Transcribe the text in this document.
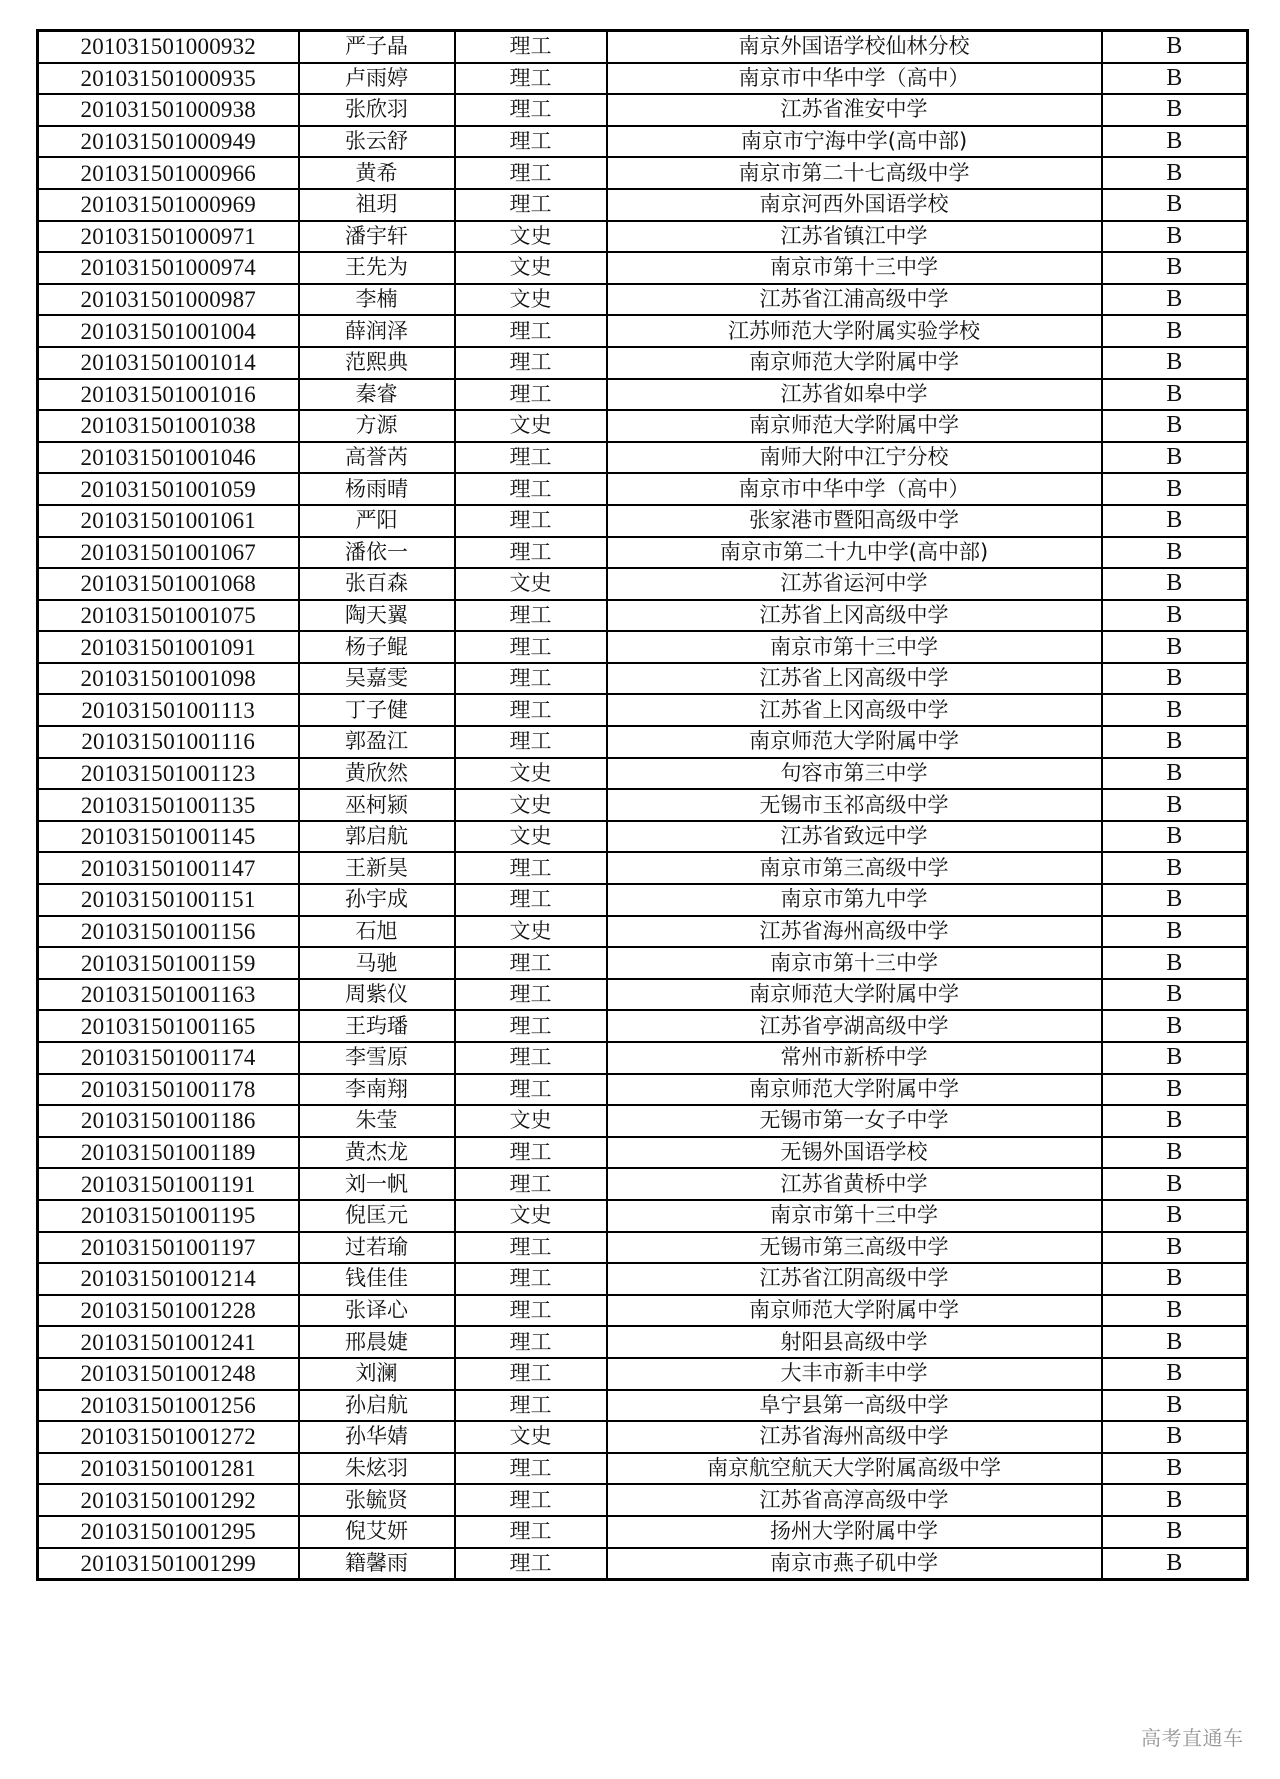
201031501000932	严子晶	理工	南京外国语学校仙林分校	B
201031501000935	卢雨婷	理工	南京市中华中学（高中）	B
201031501000938	张欣羽	理工	江苏省淮安中学	B
201031501000949	张云舒	理工	南京市宁海中学(高中部)	B
201031501000966	黄希	理工	南京市第二十七高级中学	B
201031501000969	祖玥	理工	南京河西外国语学校	B
201031501000971	潘宇轩	文史	江苏省镇江中学	B
201031501000974	王先为	文史	南京市第十三中学	B
201031501000987	李楠	文史	江苏省江浦高级中学	B
201031501001004	薛润泽	理工	江苏师范大学附属实验学校	B
201031501001014	范熙典	理工	南京师范大学附属中学	B
201031501001016	秦睿	理工	江苏省如皋中学	B
201031501001038	方源	文史	南京师范大学附属中学	B
201031501001046	高誉芮	理工	南师大附中江宁分校	B
201031501001059	杨雨晴	理工	南京市中华中学（高中）	B
201031501001061	严阳	理工	张家港市暨阳高级中学	B
201031501001067	潘依一	理工	南京市第二十九中学(高中部)	B
201031501001068	张百森	文史	江苏省运河中学	B
201031501001075	陶天翼	理工	江苏省上冈高级中学	B
201031501001091	杨子鲲	理工	南京市第十三中学	B
201031501001098	吴嘉雯	理工	江苏省上冈高级中学	B
201031501001113	丁子健	理工	江苏省上冈高级中学	B
201031501001116	郭盈江	理工	南京师范大学附属中学	B
201031501001123	黄欣然	文史	句容市第三中学	B
201031501001135	巫柯颍	文史	无锡市玉祁高级中学	B
201031501001145	郭启航	文史	江苏省致远中学	B
201031501001147	王新昊	理工	南京市第三高级中学	B
201031501001151	孙宇成	理工	南京市第九中学	B
201031501001156	石旭	文史	江苏省海州高级中学	B
201031501001159	马驰	理工	南京市第十三中学	B
201031501001163	周紫仪	理工	南京师范大学附属中学	B
201031501001165	王玙璠	理工	江苏省亭湖高级中学	B
201031501001174	李雪原	理工	常州市新桥中学	B
201031501001178	李南翔	理工	南京师范大学附属中学	B
201031501001186	朱莹	文史	无锡市第一女子中学	B
201031501001189	黄杰龙	理工	无锡外国语学校	B
201031501001191	刘一帆	理工	江苏省黄桥中学	B
201031501001195	倪匡元	文史	南京市第十三中学	B
201031501001197	过若瑜	理工	无锡市第三高级中学	B
201031501001214	钱佳佳	理工	江苏省江阴高级中学	B
201031501001228	张译心	理工	南京师范大学附属中学	B
201031501001241	邢晨婕	理工	射阳县高级中学	B
201031501001248	刘澜	理工	大丰市新丰中学	B
201031501001256	孙启航	理工	阜宁县第一高级中学	B
201031501001272	孙华婧	文史	江苏省海州高级中学	B
201031501001281	朱炫羽	理工	南京航空航天大学附属高级中学	B
201031501001292	张毓贤	理工	江苏省高淳高级中学	B
201031501001295	倪艾妍	理工	扬州大学附属中学	B
201031501001299	籍馨雨	理工	南京市燕子矶中学	B
高考直通车
